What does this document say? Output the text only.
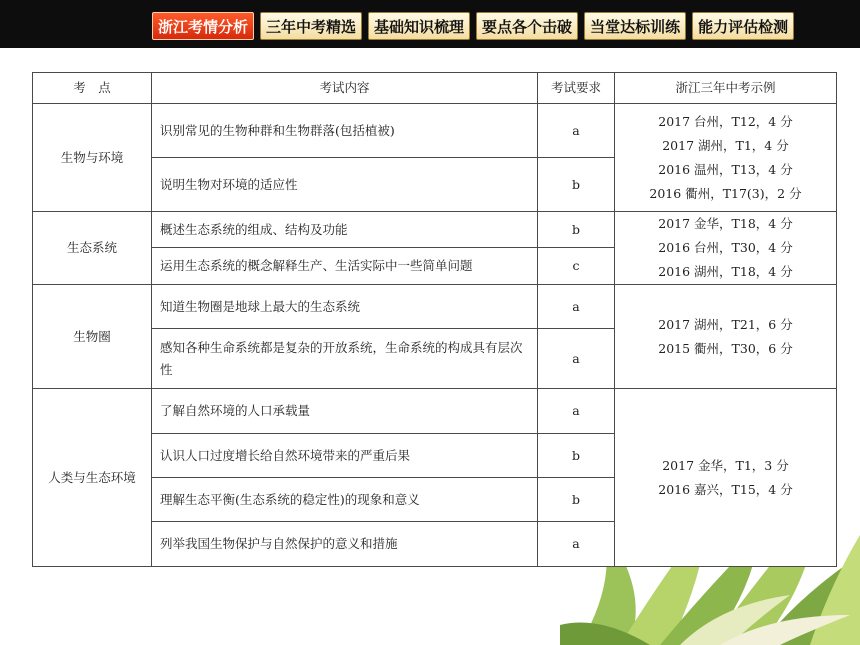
浙江考情分析	三年中考精选	基础知识梳理	要点各个击破	当堂达标训练	能力评估检测
考　点	考试内容	考试要求	浙江三年中考示例
生物与环境	识别常见的生物种群和生物群落(包括植被)	a	2017 台州，T12，4 分
2017 湖州，T1，4 分
2016 温州，T13，4 分
2016 衢州，T17(3)，2 分

	说明生物对环境的适应性	b	
生态系统	概述生态系统的组成、结构及功能	b	2017 金华，T18，4 分
2016 台州，T30，4 分
2016 湖州，T18，4 分

	运用生态系统的概念解释生产、生活实际中一些简单问题	c	
生物圈	知道生物圈是地球上最大的生态系统	a	2017 湖州，T21，6 分
2015 衢州，T30，6 分

	感知各种生命系统都是复杂的开放系统，生命系统的构成具有层次性	a	
人类与生态环境	了解自然环境的人口承载量	a	2017 金华，T1，3 分
2016 嘉兴，T15，4 分

	认识人口过度增长给自然环境带来的严重后果	b	
	理解生态平衡(生态系统的稳定性)的现象和意义	b	
	列举我国生物保护与自然保护的意义和措施	a	
